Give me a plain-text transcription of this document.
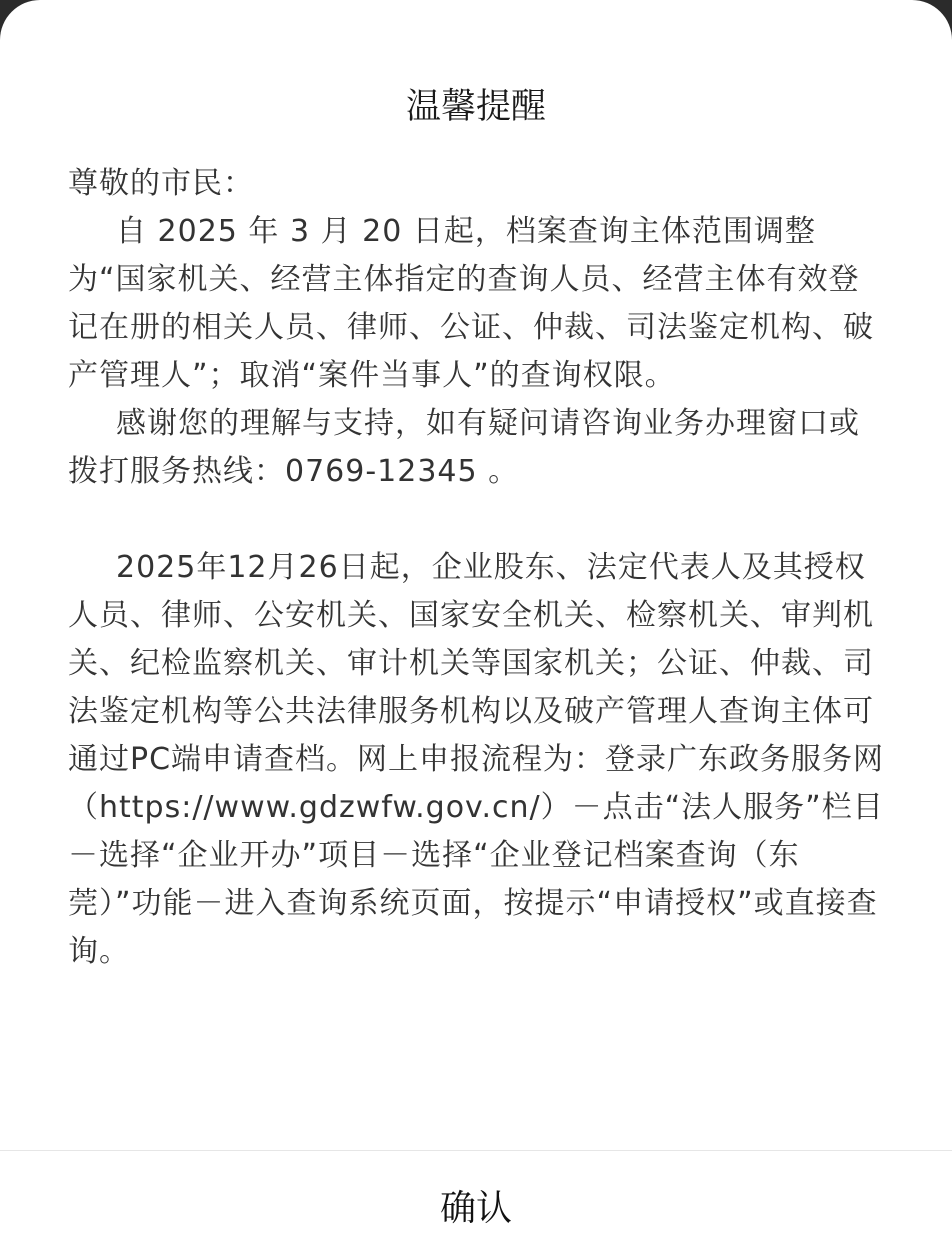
温馨提醒

尊敬的市民：

自 2025 年 3 月 20 日起，档案查询主体范围调整为“国家机关、经营主体指定的查询人员、经营主体有效登记在册的相关人员、律师、公证、仲裁、司法鉴定机构、破产管理人”；取消“案件当事人”的查询权限。

感谢您的理解与支持，如有疑问请咨询业务办理窗口或拨打服务热线：0769-12345 。

2025年12月26日起，企业股东、法定代表人及其授权人员、律师、公安机关、国家安全机关、检察机关、审判机关、纪检监察机关、审计机关等国家机关；公证、仲裁、司法鉴定机构等公共法律服务机构以及破产管理人查询主体可通过PC端申请查档。网上申报流程为：登录广东政务服务网（https://www.gdzwfw.gov.cn/）－点击“法人服务”栏目－选择“企业开办”项目－选择“企业登记档案查询（东莞）”功能－进入查询系统页面，按提示“申请授权”或直接查询。

确认
